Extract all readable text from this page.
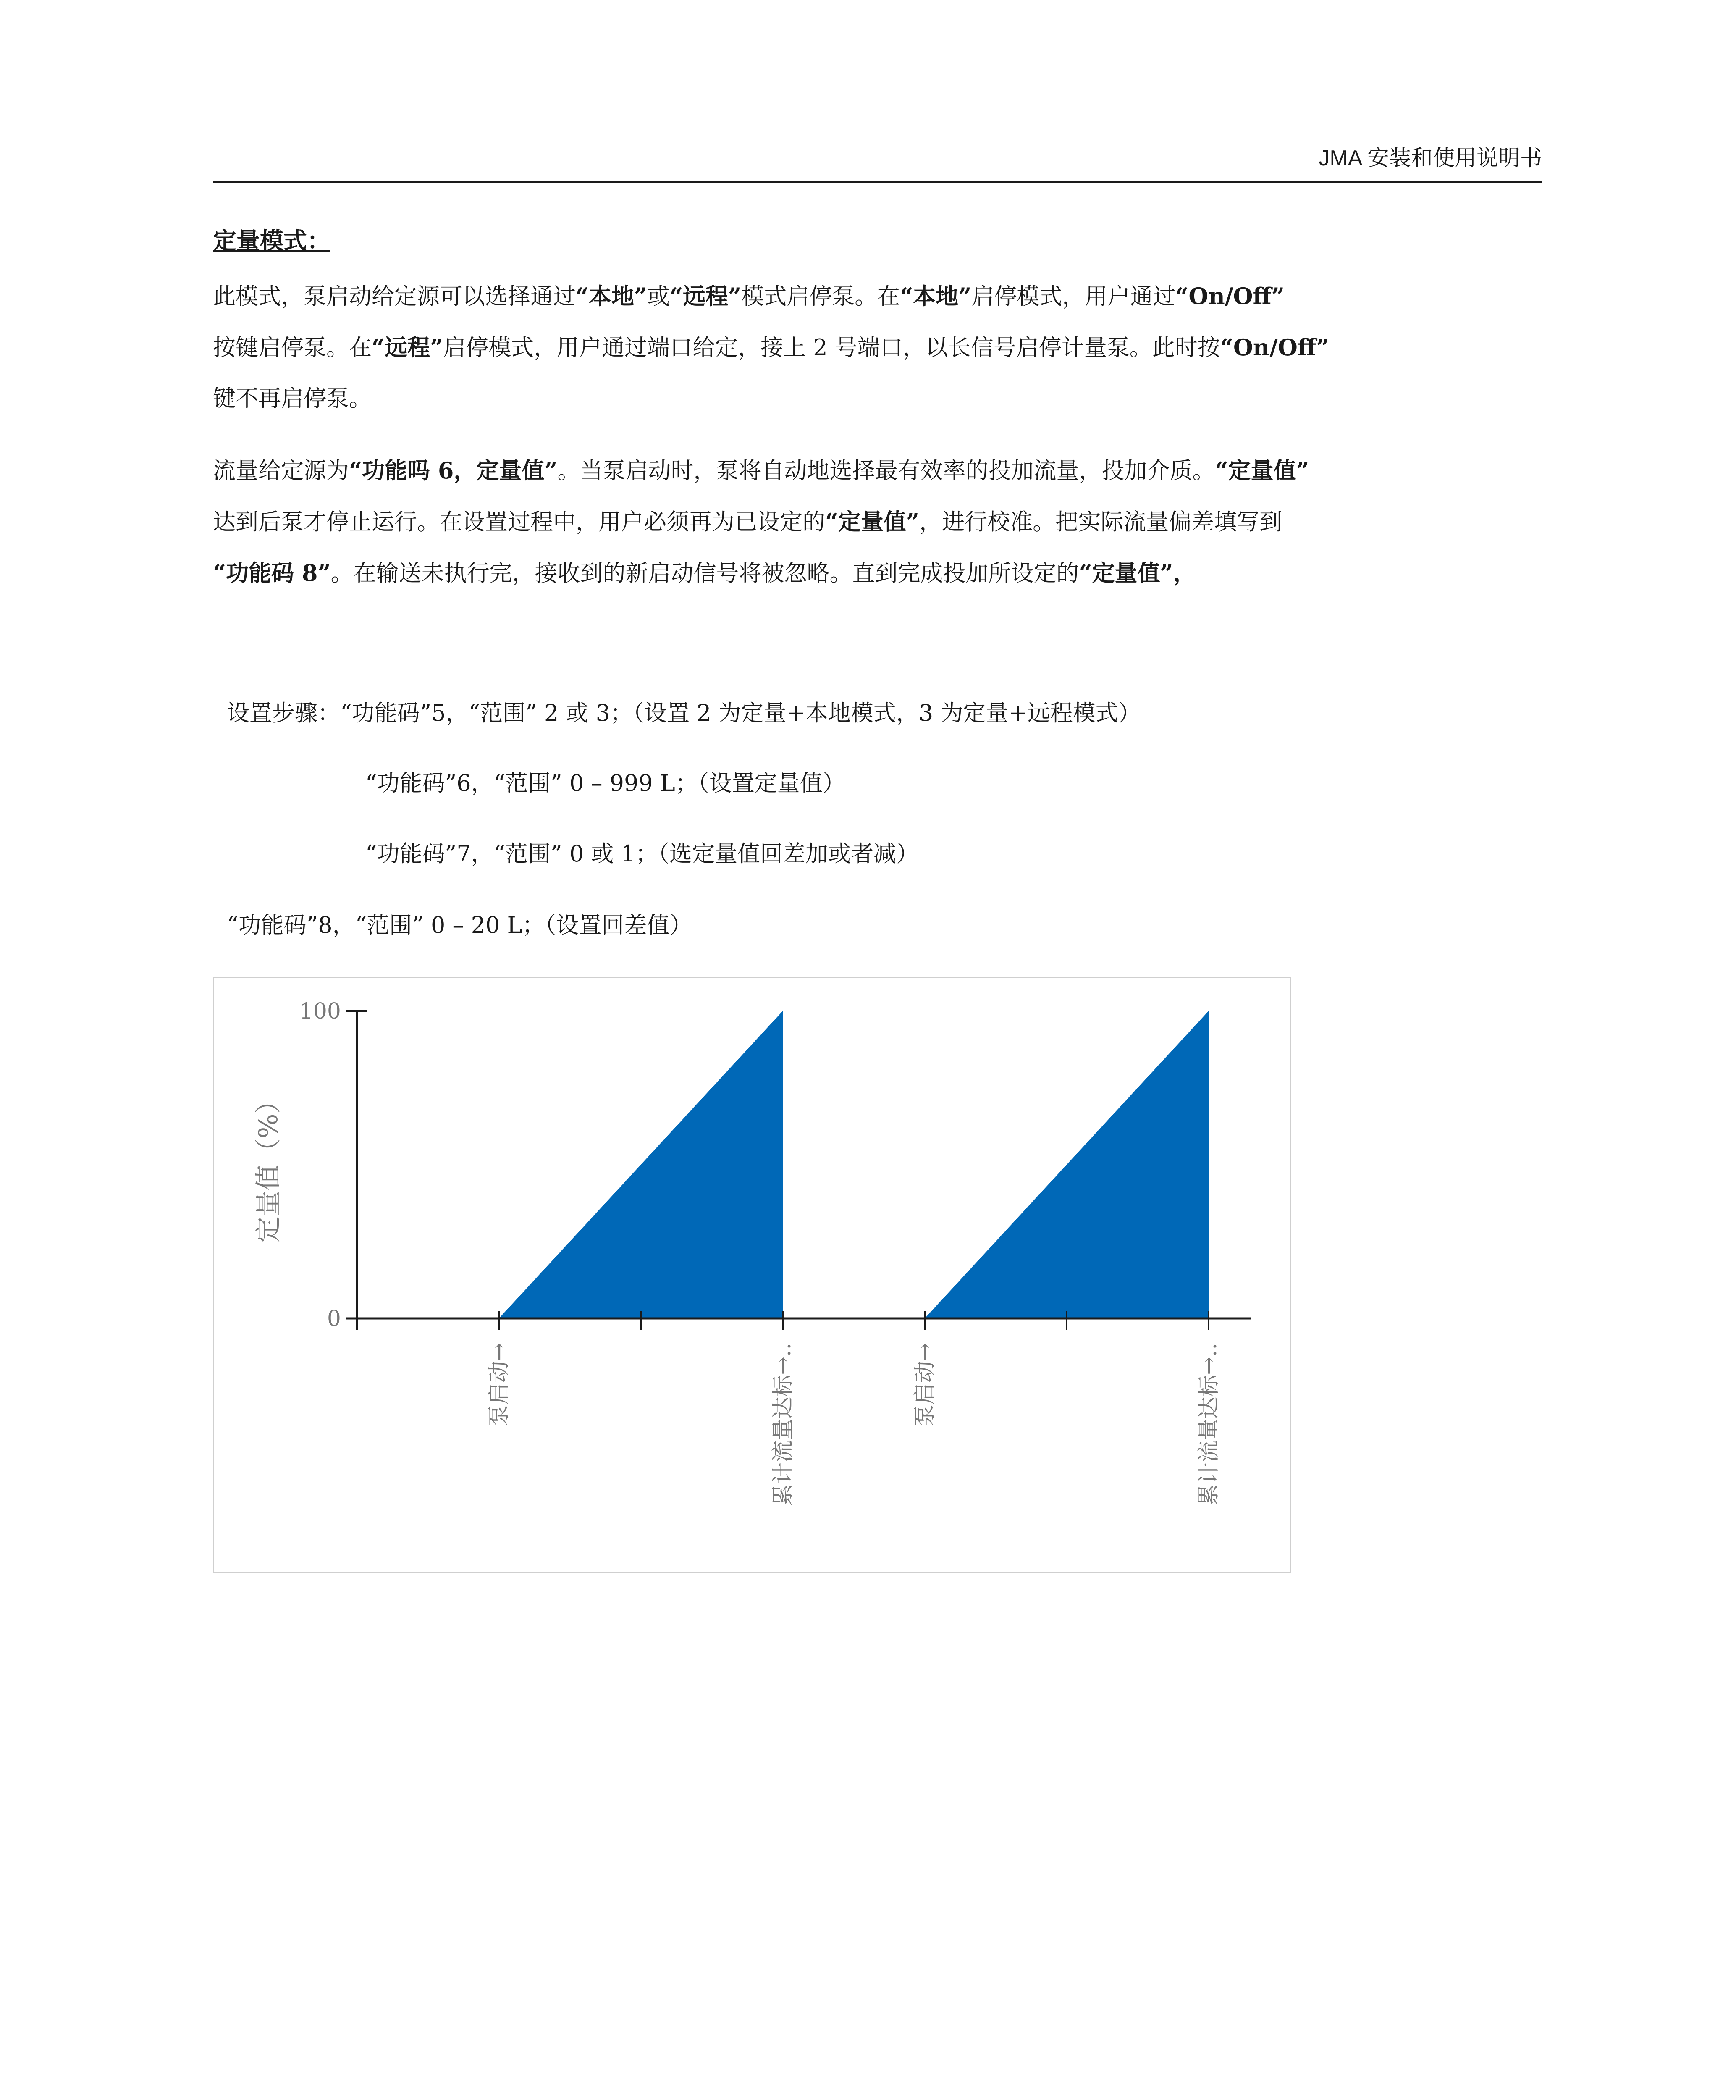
JMA 安装和使用说明书
定量模式：
此模式，泵启动给定源可以选择通过“本地”或“远程”模式启停泵。在“本地”启停模式，用户通过“On/Off”
按键启停泵。在“远程”启停模式，用户通过端口给定，接上 2 号端口，以长信号启停计量泵。此时按“On/Off”
键不再启停泵。
流量给定源为“功能吗 6，定量值”。当泵启动时，泵将自动地选择最有效率的投加流量，投加介质。“定量值”
达到后泵才停止运行。在设置过程中，用户必须再为已设定的“定量值”，进行校准。把实际流量偏差填写到
“功能码 8”。在输送未执行完，接收到的新启动信号将被忽略。直到完成投加所设定的“定量值”，
设置步骤：“功能码”5，“范围” 2 或 3；（设置 2 为定量+本地模式，3 为定量+远程模式）
“功能码”6，“范围” 0 – 999 L；（设置定量值）
“功能码”7，“范围” 0 或 1；（选定量值回差加或者减）
“功能码”8，“范围” 0 – 20 L；（设置回差值）
0
100
定量值（%）
泵启动→	累计流量达标→..	泵启动→	累计流量达标→..
